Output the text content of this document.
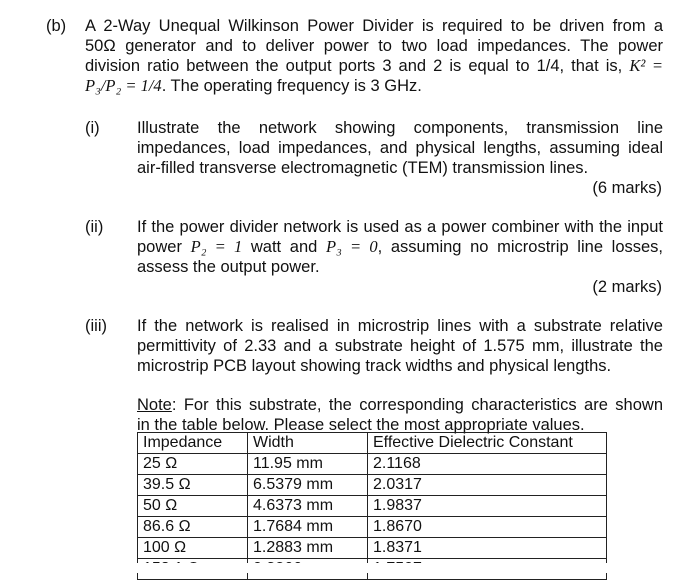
(b) A 2-Way Unequal Wilkinson Power Divider is required to be driven from a
50Ω generator and to deliver power to two load impedances. The power
division ratio between the output ports 3 and 2 is equal to 1/4, that is, K² =
P₃/P₂ = 1/4. The operating frequency is 3 GHz.
(i) Illustrate the network showing components, transmission line
impedances, load impedances, and physical lengths, assuming ideal
air-filled transverse electromagnetic (TEM) transmission lines.
(6 marks)
(ii) If the power divider network is used as a power combiner with the input
power P₂ = 1 watt and P₃ = 0, assuming no microstrip line losses,
assess the output power.
(2 marks)
(iii) If the network is realised in microstrip lines with a substrate relative
permittivity of 2.33 and a substrate height of 1.575 mm, illustrate the
microstrip PCB layout showing track widths and physical lengths.
Note: For this substrate, the corresponding characteristics are shown
in the table below. Please select the most appropriate values.
Impedance	Width	Effective Dielectric Constant
25 Ω	11.95 mm	2.1168
39.5 Ω	6.5379 mm	2.0317
50 Ω	4.6373 mm	1.9837
86.6 Ω	1.7684 mm	1.8670
100 Ω	1.2883 mm	1.8371
